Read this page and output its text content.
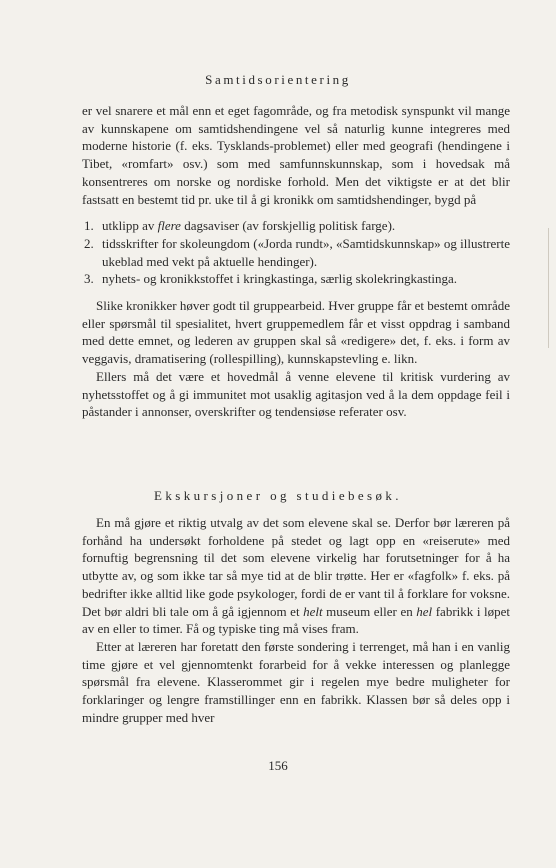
Samtidsorientering

er vel snarere et mål enn et eget fagområde, og fra metodisk synspunkt vil mange av kunnskapene om samtidshendingene vel så naturlig kunne integreres med moderne historie (f. eks. Tysklands-problemet) eller med geografi (hendingene i Tibet, «romfart» osv.) som med samfunnskunnskap, som i hovedsak må konsentreres om norske og nordiske forhold. Men det viktigste er at det blir fastsatt en bestemt tid pr. uke til å gi kronikk om samtidshendinger, bygd på

1. utklipp av flere dagsaviser (av forskjellig politisk farge).
2. tidsskrifter for skoleungdom («Jorda rundt», «Samtidskunnskap» og illustrerte ukeblad med vekt på aktuelle hendinger).
3. nyhets- og kronikkstoffet i kringkastinga, særlig skolekringkastinga.

Slike kronikker høver godt til gruppearbeid. Hver gruppe får et bestemt område eller spørsmål til spesialitet, hvert gruppemedlem får et visst oppdrag i samband med dette emnet, og lederen av gruppen skal så «redigere» det, f. eks. i form av veggavis, dramatisering (rollespilling), kunnskapstevling e. likn.

Ellers må det være et hovedmål å venne elevene til kritisk vurdering av nyhetsstoffet og å gi immunitet mot usaklig agitasjon ved å la dem oppdage feil i påstander i annonser, overskrifter og tendensiøse referater osv.

Ekskursjoner og studiebesøk.

En må gjøre et riktig utvalg av det som elevene skal se. Derfor bør læreren på forhånd ha undersøkt forholdene på stedet og lagt opp en «reiserute» med fornuftig begrensning til det som elevene virkelig har forutsetninger for å ha utbytte av, og som ikke tar så mye tid at de blir trøtte. Her er «fagfolk» f. eks. på bedrifter ikke alltid like gode psykologer, fordi de er vant til å forklare for voksne. Det bør aldri bli tale om å gå igjennom et helt museum eller en hel fabrikk i løpet av en eller to timer. Få og typiske ting må vises fram.

Etter at læreren har foretatt den første sondering i terrenget, må han i en vanlig time gjøre et vel gjennomtenkt forarbeid for å vekke interessen og planlegge spørsmål fra elevene. Klasserommet gir i regelen mye bedre muligheter for forklaringer og lengre framstillinger enn en fabrikk. Klassen bør så deles opp i mindre grupper med hver

156
